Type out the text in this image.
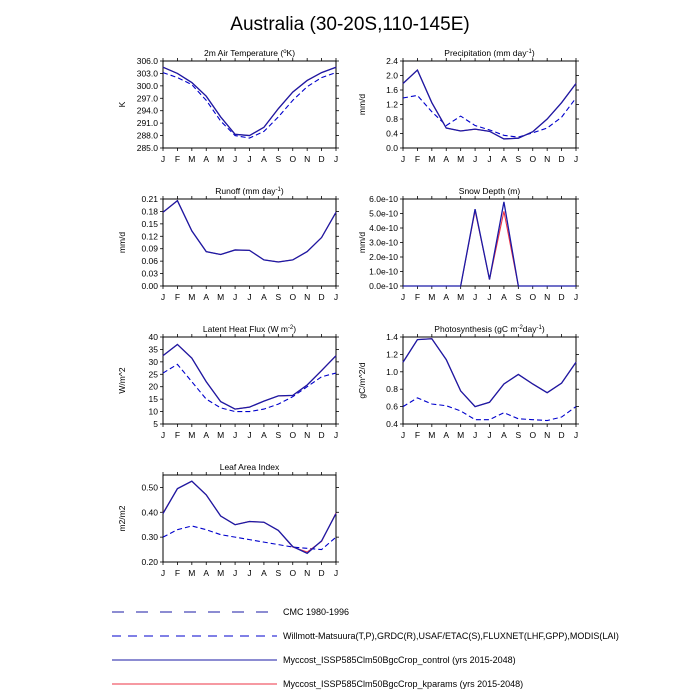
Australia (30-20S,110-145E)
2m Air Temperature ($^o$K)
285.0
288.0
291.0
294.0
297.0
300.0
303.0
306.0
J F M A M J J A S O N D J
K
Precipitation (mm day$^{-1}$)
0.0
0.4
0.8
1.2
1.6
2.0
2.4
J F M A M J J A S O N D J
mm/d
Runoff (mm day$^{-1}$)
0.00
0.03
0.06
0.09
0.12
0.15
0.18
0.21
J F M A M J J A S O N D J
mm/d
Snow Depth (m)
0.0e-10
1.0e-10
2.0e-10
3.0e-10
4.0e-10
5.0e-10
6.0e-10
J F M A M J J A S O N D J
mm/d
Latent Heat Flux (W $m^{-2}$)
5
10
15
20
25
30
35
40
J F M A M J J A S O N D J
W/m^2
Photosynthesis (gC $m^{-2}day^{-1}$)
0.4
0.6
0.8
1.0
1.2
1.4
J F M A M J J A S O N D J
gC/m^2/d
Leaf Area Index
0.20
0.30
0.40
0.50
J F M A M J J A S O N D J
m2/m2
CMC 1980-1996
Willmott-Matsuura(T,P),GRDC(R),USAF/ETAC(S),FLUXNET(LHF,GPP),MODIS(LAI)
Myccost_ISSP585Clm50BgcCrop_control (yrs 2015-2048)
Myccost_ISSP585Clm50BgcCrop_kparams (yrs 2015-2048)
